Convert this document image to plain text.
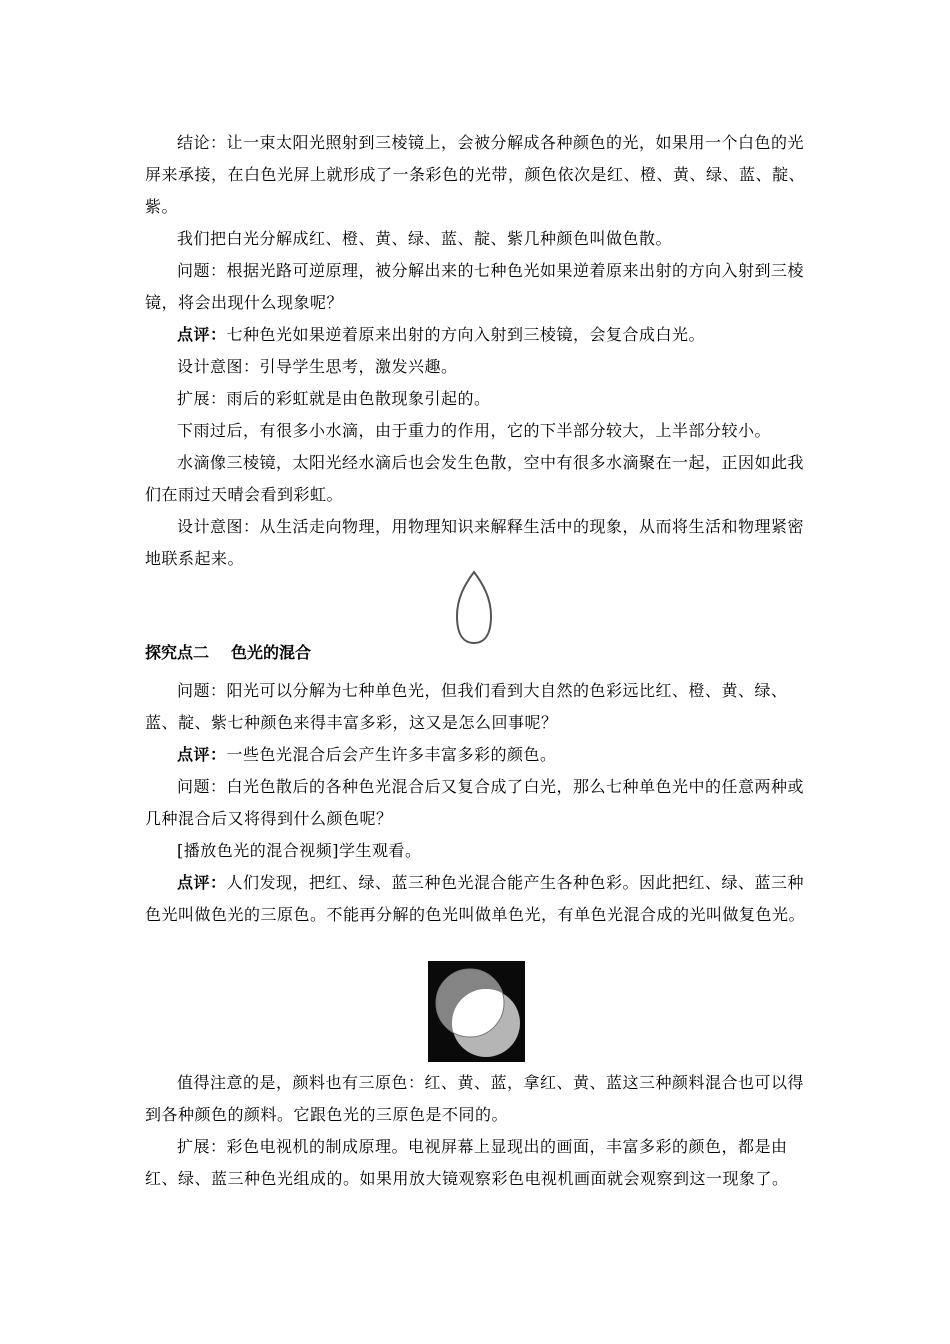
结论：让一束太阳光照射到三棱镜上，会被分解成各种颜色的光，如果用一个白色的光屏来承接，在白色光屏上就形成了一条彩色的光带，颜色依次是红、橙、黄、绿、蓝、靛、紫。

我们把白光分解成红、橙、黄、绿、蓝、靛、紫几种颜色叫做色散。

问题：根据光路可逆原理，被分解出来的七种色光如果逆着原来出射的方向入射到三棱镜，将会出现什么现象呢？

点评：七种色光如果逆着原来出射的方向入射到三棱镜，会复合成白光。

设计意图：引导学生思考，激发兴趣。

扩展：雨后的彩虹就是由色散现象引起的。

下雨过后，有很多小水滴，由于重力的作用，它的下半部分较大，上半部分较小。

水滴像三棱镜，太阳光经水滴后也会发生色散，空中有很多水滴聚在一起，正因如此我们在雨过天晴会看到彩虹。

设计意图：从生活走向物理，用物理知识来解释生活中的现象，从而将生活和物理紧密地联系起来。

探究点二 色光的混合

问题：阳光可以分解为七种单色光，但我们看到大自然的色彩远比红、橙、黄、绿、蓝、靛、紫七种颜色来得丰富多彩，这又是怎么回事呢？

点评：一些色光混合后会产生许多丰富多彩的颜色。

问题：白光色散后的各种色光混合后又复合成了白光，那么七种单色光中的任意两种或几种混合后又将得到什么颜色呢？

[播放色光的混合视频]学生观看。

点评：人们发现，把红、绿、蓝三种色光混合能产生各种色彩。因此把红、绿、蓝三种色光叫做色光的三原色。不能再分解的色光叫做单色光，有单色光混合成的光叫做复色光。

值得注意的是，颜料也有三原色：红、黄、蓝，拿红、黄、蓝这三种颜料混合也可以得到各种颜色的颜料。它跟色光的三原色是不同的。

扩展：彩色电视机的制成原理。电视屏幕上显现出的画面，丰富多彩的颜色，都是由红、绿、蓝三种色光组成的。如果用放大镜观察彩色电视机画面就会观察到这一现象了。
